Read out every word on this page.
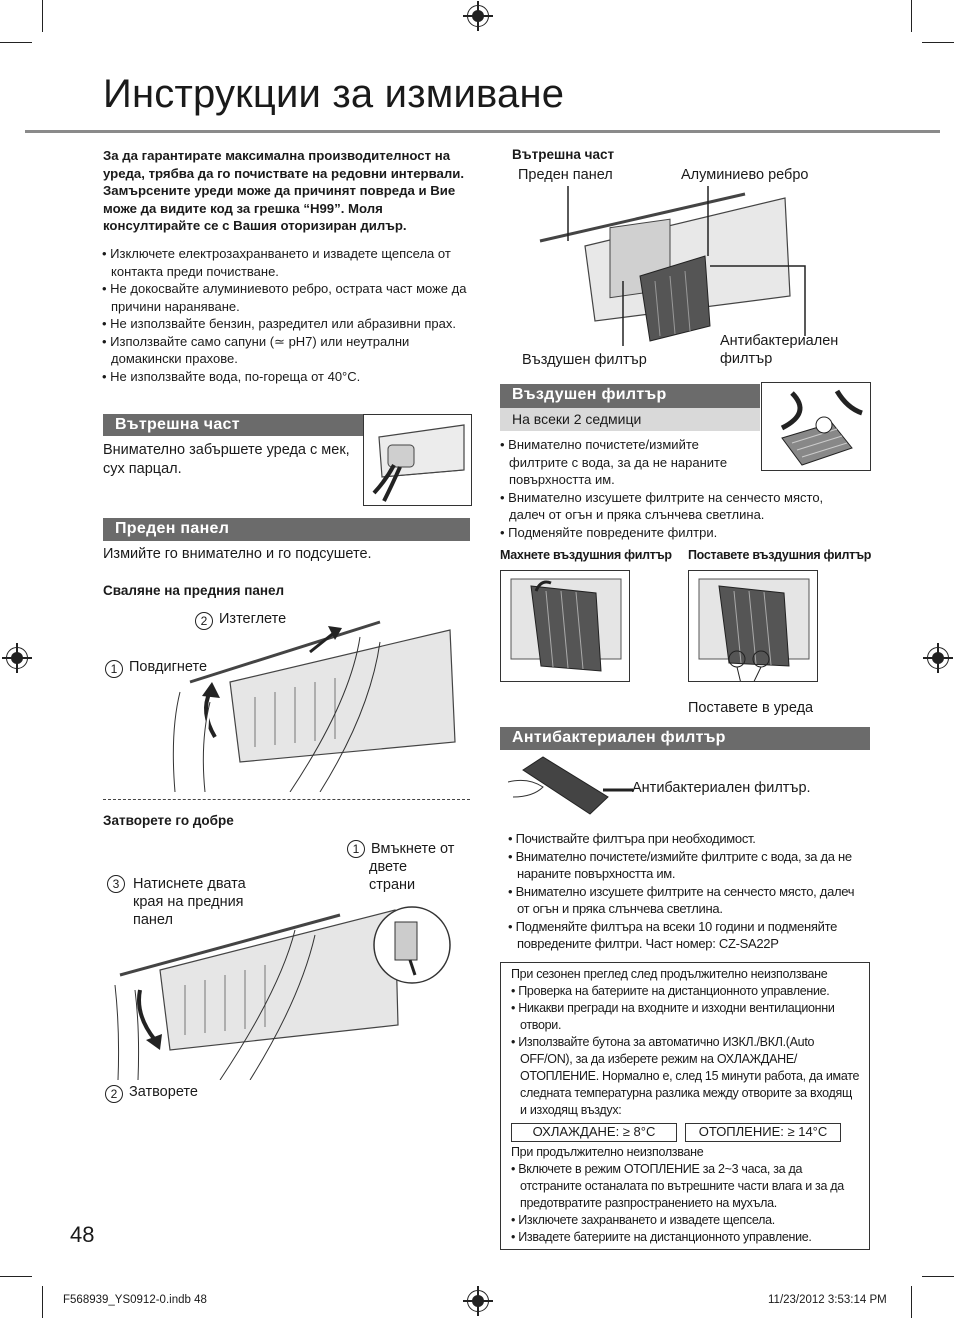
Инструкции за измиване
За да гарантирате максимална производителност на уреда, трябва да го почиствате на редовни интервали. Замърсените уреди може да причинят повреда и Вие може да видите код за грешка “H99”. Моля консултирайте се с Вашия оторизиран дилър.
• Изключете електрозахранването и извадете щепсела от контакта преди почистване.
• Не докосвайте алуминиевото ребро, острата част може да причини нараняване.
• Не използвайте бензин, разредител или абразивни прах.
• Използвайте само сапуни (≃ pH7) или неутрални домакински прахове.
• Не използвайте вода, по-гореща от 40°C.
Вътрешна част
Внимателно забършете уреда с мек, сух парцал.
Преден панел
Измийте го внимателно и го подсушете.
Сваляне на предния панел
2 Изтеглете
1 Повдигнете
Затворете го добре
1 Вмъкнете от двете страни
3 Натиснете двата края на предния панел
2 Затворете
48
Вътрешна част
Преден панел	Алуминиево ребро
Въздушен филтър
Антибактериален филтър
Въздушен филтър
На всеки 2 седмици
• Внимателно почистете/измийте филтрите с вода, за да не нараните повърхността им.
• Внимателно изсушете филтрите на сенчесто място, далеч от огън и пряка слънчева светлина.
• Подменяйте повредените филтри.
Махнете въздушния филтър Поставете въздушния филтър
Поставете в уреда
Антибактериален филтър
Антибактериален филтър.
• Почиствайте филтъра при необходимост.
• Внимателно почистете/измийте филтрите с вода, за да не нараните повърхността им.
• Внимателно изсушете филтрите на сенчесто място, далеч от огън и пряка слънчева светлина.
• Подменяйте филтъра на всеки 10 години и подменяйте повредените филтри. Част номер: CZ-SA22P
При сезонен преглед след продължително неизползване
• Проверка на батериите на дистанционното управление.
• Никакви прегради на входните и изходни вентилационни отвори.
• Използвайте бутона за автоматично ИЗКЛ./ВКЛ.(Auto OFF/ON), за да изберете режим на ОХЛАЖДАНЕ/ОТОПЛЕНИЕ. Нормално е, след 15 минути работа, да имате следната температурна разлика между отворите за входящ и изходящ въздух:
ОХЛАЖДАНЕ: ≥ 8°C	ОТОПЛЕНИЕ: ≥ 14°C
При продължително неизползване
• Включете в режим ОТОПЛЕНИЕ за 2~3 часа, за да отстраните останалата по вътрешните части влага и за да предотвратите разпространението на мухъла.
• Изключете захранването и извадете щепсела.
• Извадете батериите на дистанционното управление.
F568939_YS0912-0.indb 48	11/23/2012 3:53:14 PM
